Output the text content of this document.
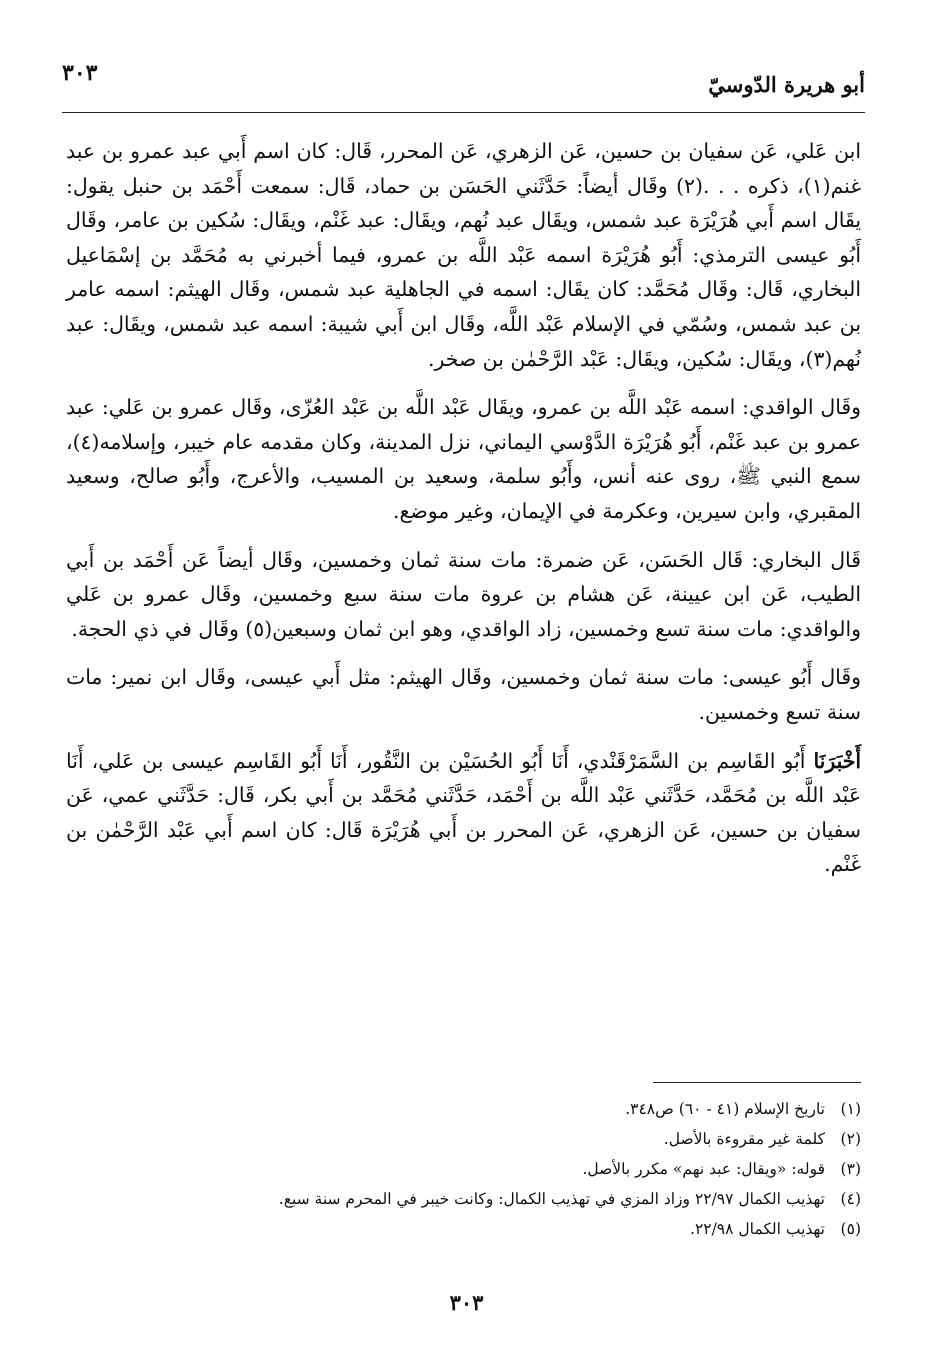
أبو هريرة الدّوسيّ
٣٠٣

ابن عَلي، عَن سفيان بن حسين، عَن الزهري، عَن المحرر، قَال: كان اسم أَبي عبد عمرو بن عبد غنم(١)، ذكره . . .(٢) وقَال أيضاً: حَدَّثَني الحَسَن بن حماد، قَال: سمعت أَحْمَد بن حنبل يقول: يقَال اسم أَبي هُرَيْرَة عبد شمس، ويقَال عبد نُهم، ويقَال: عبد غَنْم، ويقَال: سُكين بن عامر، وقَال أَبُو عيسى الترمذي: أَبُو هُرَيْرَة اسمه عَبْد اللَّه بن عمرو، فيما أخبرني به مُحَمَّد بن إسْمَاعيل البخاري، قَال: وقَال مُحَمَّد: كان يقَال: اسمه في الجاهلية عبد شمس، وقَال الهيثم: اسمه عامر بن عبد شمس، وسُمّي في الإسلام عَبْد اللَّه، وقَال ابن أَبي شيبة: اسمه عبد شمس، ويقَال: عبد نُهم(٣)، ويقَال: سُكين، ويقَال: عَبْد الرَّحْمٰن بن صخر.

وقَال الواقدي: اسمه عَبْد اللَّه بن عمرو، ويقَال عَبْد اللَّه بن عَبْد العُزّى، وقَال عمرو بن عَلي: عبد عمرو بن عبد غَنْم، أَبُو هُرَيْرَة الدَّوْسي اليماني، نزل المدينة، وكان مقدمه عام خيبر، وإسلامه(٤)، سمع النبي ﷺ، روى عنه أنس، وأَبُو سلمة، وسعيد بن المسيب، والأعرج، وأَبُو صالح، وسعيد المقبري، وابن سيرين، وعكرمة في الإيمان، وغير موضع.

قَال البخاري: قَال الحَسَن، عَن ضمرة: مات سنة ثمان وخمسين، وقَال أيضاً عَن أَحْمَد بن أَبي الطيب، عَن ابن عيينة، عَن هشام بن عروة مات سنة سبع وخمسين، وقَال عمرو بن عَلي والواقدي: مات سنة تسع وخمسين، زاد الواقدي، وهو ابن ثمان وسبعين(٥) وقَال في ذي الحجة.

وقَال أَبُو عيسى: مات سنة ثمان وخمسين، وقَال الهيثم: مثل أَبي عيسى، وقَال ابن نمير: مات سنة تسع وخمسين.

أَخْبَرَنَا أَبُو القَاسِم بن السَّمَرْقَنْدي، أَنَا أَبُو الحُسَيْن بن النَّقُور، أَنَا أَبُو القَاسِم عيسى بن عَلي، أَنَا عَبْد اللَّه بن مُحَمَّد، حَدَّثَني عَبْد اللَّه بن أَحْمَد، حَدَّثَني مُحَمَّد بن أَبي بكر، قَال: حَدَّثَني عمي، عَن سفيان بن حسين، عَن الزهري، عَن المحرر بن أَبي هُرَيْرَة قَال: كان اسم أَبي عَبْد الرَّحْمٰن بن غَنْم.

(١)تاريخ الإسلام (٤١ - ٦٠) ص٣٤٨.
(٢)كلمة غير مقروءة بالأصل.
(٣)قوله: «ويقال: عبد نهم» مكرر بالأصل.
(٤)تهذيب الكمال ٢٢/٩٧ وزاد المزي في تهذيب الكمال: وكانت خيبر في المحرم سنة سبع.
(٥)تهذيب الكمال ٢٢/٩٨.
٣٠٣
